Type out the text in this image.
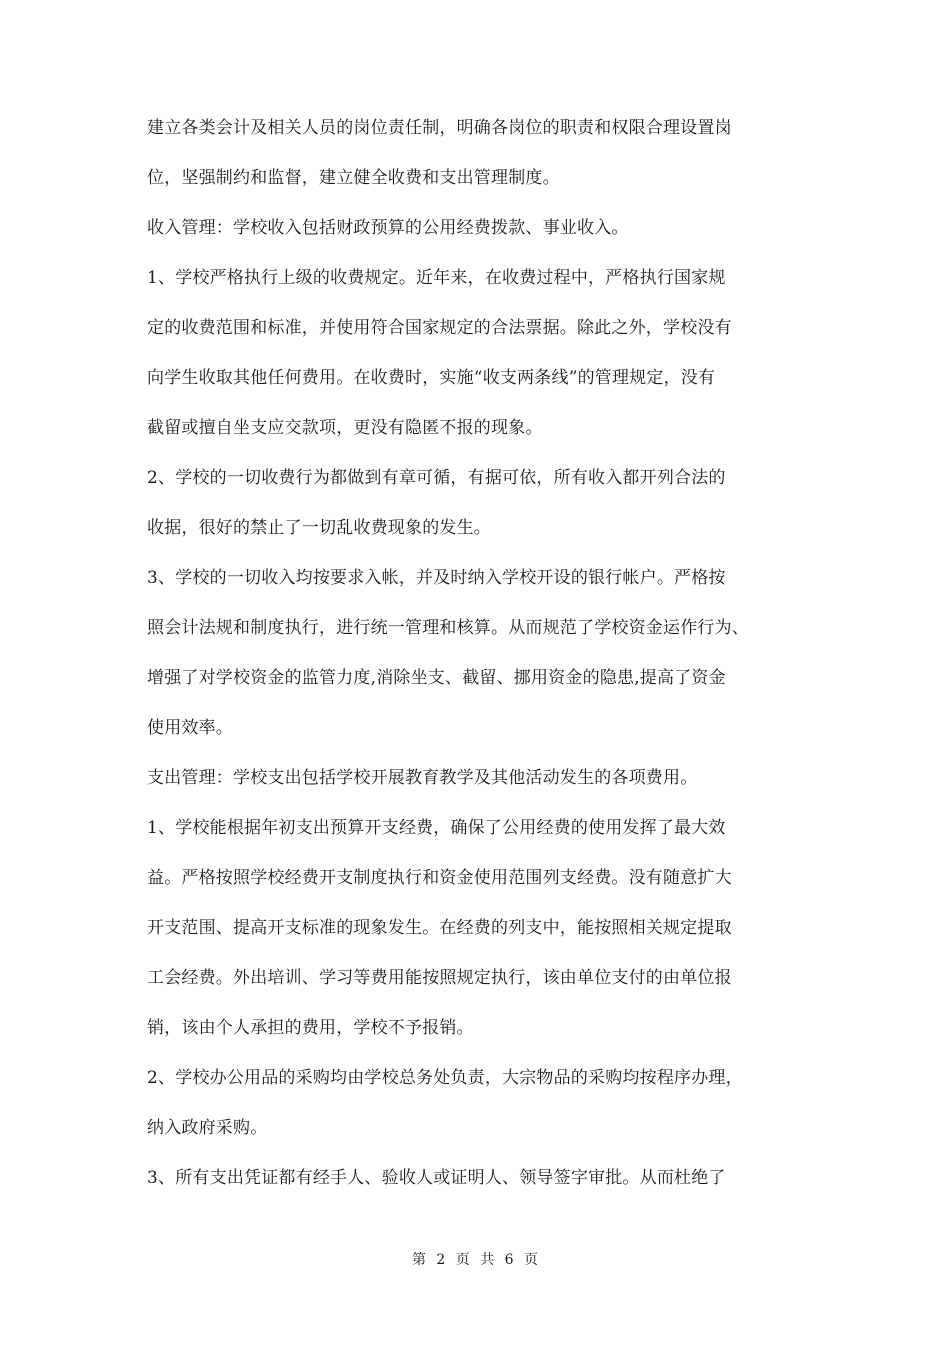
建立各类会计及相关人员的岗位责任制，明确各岗位的职责和权限合理设置岗
位，坚强制约和监督，建立健全收费和支出管理制度。
收入管理：学校收入包括财政预算的公用经费拨款、事业收入。
1、学校严格执行上级的收费规定。近年来，在收费过程中，严格执行国家规
定的收费范围和标准，并使用符合国家规定的合法票据。除此之外，学校没有
向学生收取其他任何费用。在收费时，实施“收支两条线”的管理规定，没有
截留或擅自坐支应交款项，更没有隐匿不报的现象。
2、学校的一切收费行为都做到有章可循，有据可依，所有收入都开列合法的
收据，很好的禁止了一切乱收费现象的发生。
3、学校的一切收入均按要求入帐，并及时纳入学校开设的银行帐户。严格按
照会计法规和制度执行，进行统一管理和核算。从而规范了学校资金运作行为、
增强了对学校资金的监管力度,消除坐支、截留、挪用资金的隐患,提高了资金
使用效率。
支出管理：学校支出包括学校开展教育教学及其他活动发生的各项费用。
1、学校能根据年初支出预算开支经费，确保了公用经费的使用发挥了最大效
益。严格按照学校经费开支制度执行和资金使用范围列支经费。没有随意扩大
开支范围、提高开支标准的现象发生。在经费的列支中，能按照相关规定提取
工会经费。外出培训、学习等费用能按照规定执行，该由单位支付的由单位报
销，该由个人承担的费用，学校不予报销。
2、学校办公用品的采购均由学校总务处负责，大宗物品的采购均按程序办理，
纳入政府采购。
3、所有支出凭证都有经手人、验收人或证明人、领导签字审批。从而杜绝了
第 2 页 共 6 页
